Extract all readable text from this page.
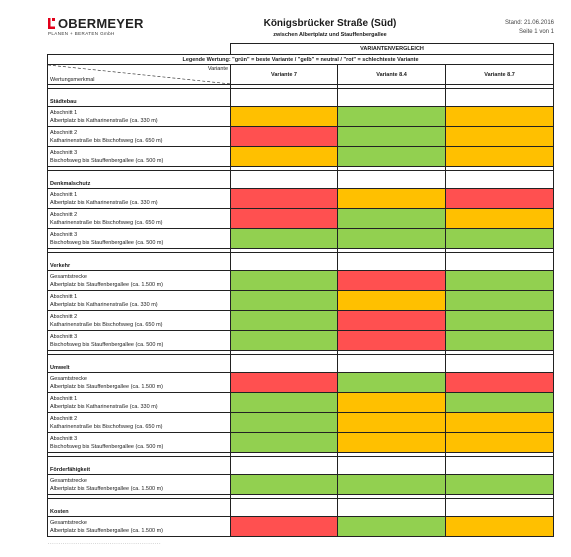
OBERMEYER
PLANEN + BERATEN GmbH
Königsbrücker Straße (Süd)
zwischen Albertplatz und Stauffenbergallee
Stand: 21.06.2016
Seite 1 von 1
	VARIANTENVERGLEICH		
Legende Wertung: "grün" = beste Variante / "gelb" = neutral / "rot" = schlechteste Variante			

Variante
Wertungsmerkmal	Variante 7	Variante 8.4	Variante 8.7

Städtebau			

Abschnitt 1
Albertplatz bis Katharinenstraße (ca. 330 m)			

Abschnitt 2
Katharinenstraße bis Bischofsweg (ca. 650 m)			

Abschnitt 3
Bischofsweg bis Stauffenbergallee (ca. 500 m)			

Denkmalschutz			

Abschnitt 1
Albertplatz bis Katharinenstraße (ca. 330 m)			

Abschnitt 2
Katharinenstraße bis Bischofsweg (ca. 650 m)			

Abschnitt 3
Bischofsweg bis Stauffenbergallee (ca. 500 m)			

Verkehr			

Gesamtstrecke
Albertplatz bis Stauffenbergallee (ca. 1.500 m)			

Abschnitt 1
Albertplatz bis Katharinenstraße (ca. 330 m)			

Abschnitt 2
Katharinenstraße bis Bischofsweg (ca. 650 m)			

Abschnitt 3
Bischofsweg bis Stauffenbergallee (ca. 500 m)			

Umwelt			

Gesamtstrecke
Albertplatz bis Stauffenbergallee (ca. 1.500 m)			

Abschnitt 1
Albertplatz bis Katharinenstraße (ca. 330 m)			

Abschnitt 2
Katharinenstraße bis Bischofsweg (ca. 650 m)			

Abschnitt 3
Bischofsweg bis Stauffenbergallee (ca. 500 m)			

Förderfähigkeit			

Gesamtstrecke
Albertplatz bis Stauffenbergallee (ca. 1.500 m)			

Kosten			

Gesamtstrecke
Albertplatz bis Stauffenbergallee (ca. 1.500 m)			

- - - - - - - - - - - - - - - - - - - - - - - - - - - - - - - - - - - - - - - - - - - - - - - - - - - - -
